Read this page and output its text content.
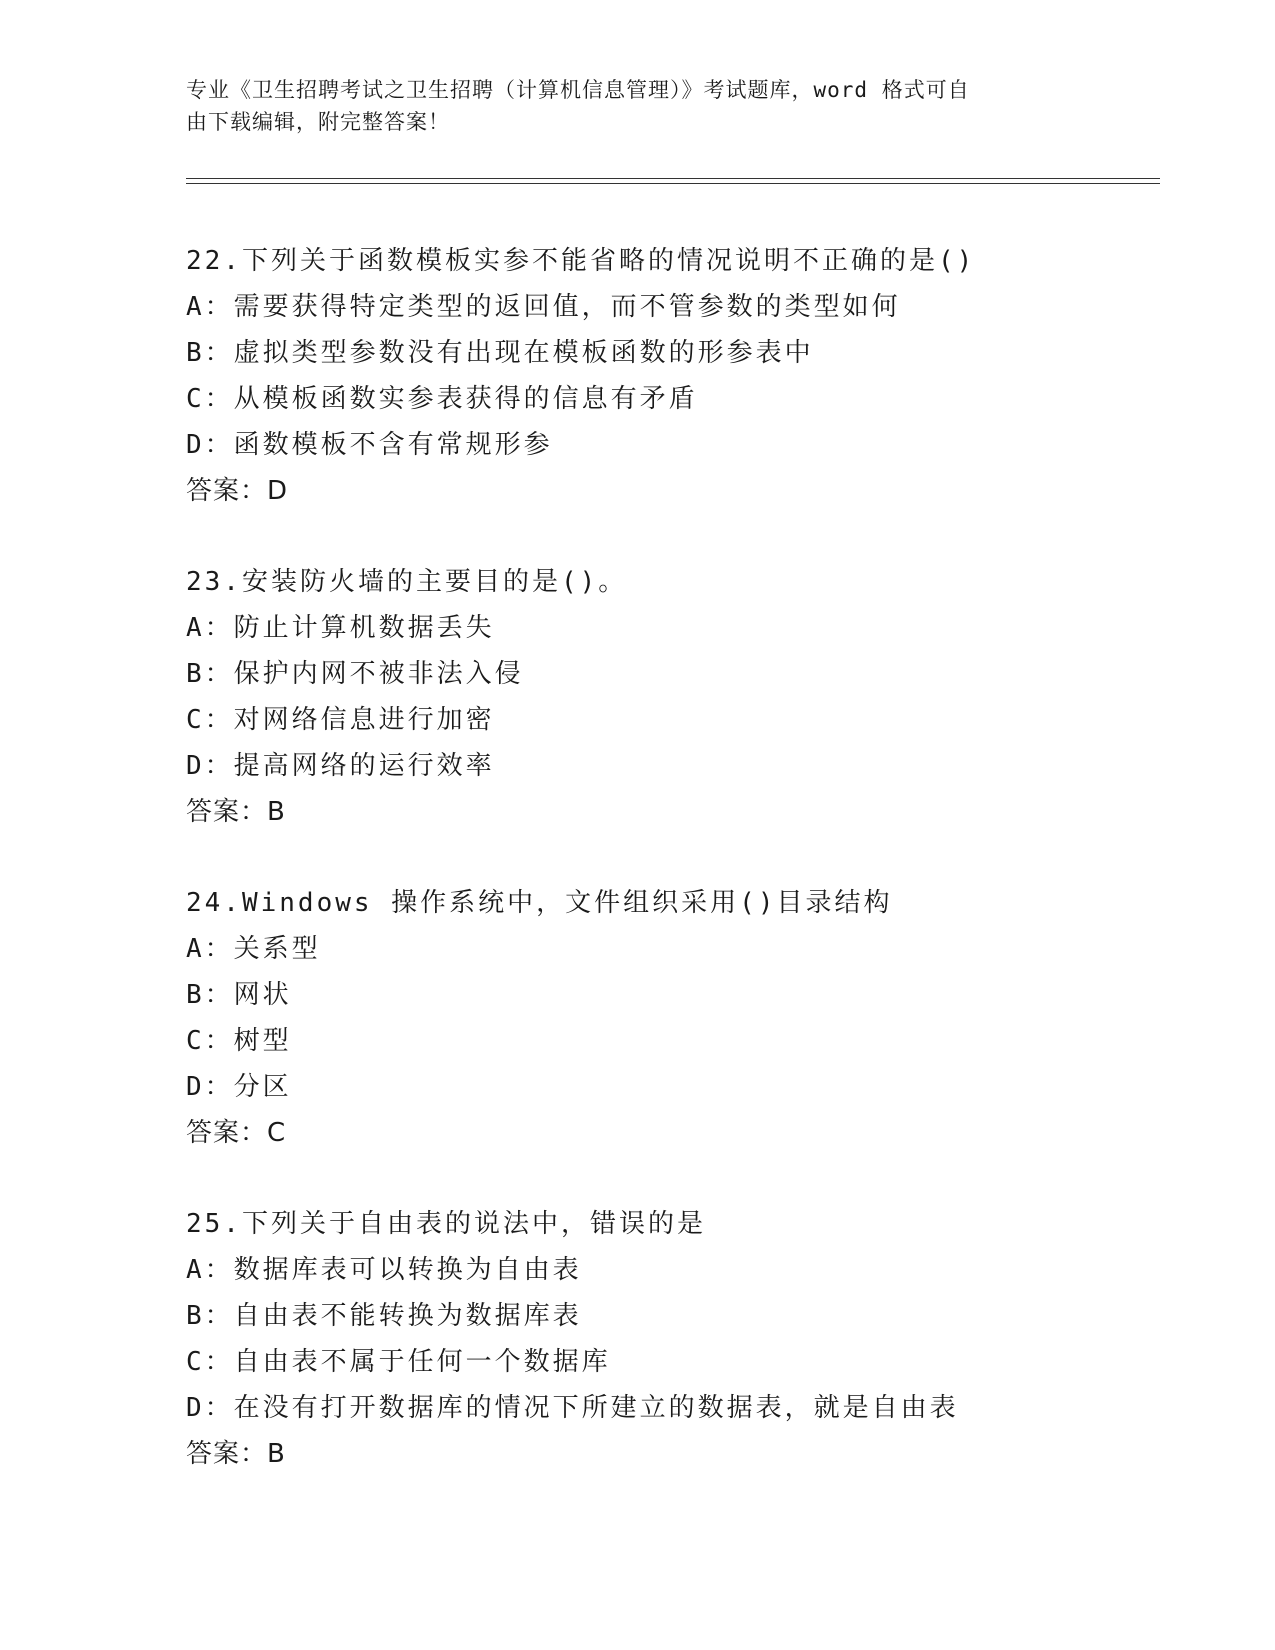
专业《卫生招聘考试之卫生招聘（计算机信息管理）》考试题库，word 格式可自
由下载编辑，附完整答案！
22.下列关于函数模板实参不能省略的情况说明不正确的是()
A：需要获得特定类型的返回值，而不管参数的类型如何
B：虚拟类型参数没有出现在模板函数的形参表中
C：从模板函数实参表获得的信息有矛盾
D：函数模板不含有常规形参
答案：D
23.安装防火墙的主要目的是()。
A：防止计算机数据丢失
B：保护内网不被非法入侵
C：对网络信息进行加密
D：提高网络的运行效率
答案：B
24.Windows 操作系统中，文件组织采用()目录结构
A：关系型
B：网状
C：树型
D：分区
答案：C
25.下列关于自由表的说法中，错误的是
A：数据库表可以转换为自由表
B：自由表不能转换为数据库表
C：自由表不属于任何一个数据库
D：在没有打开数据库的情况下所建立的数据表，就是自由表
答案：B
